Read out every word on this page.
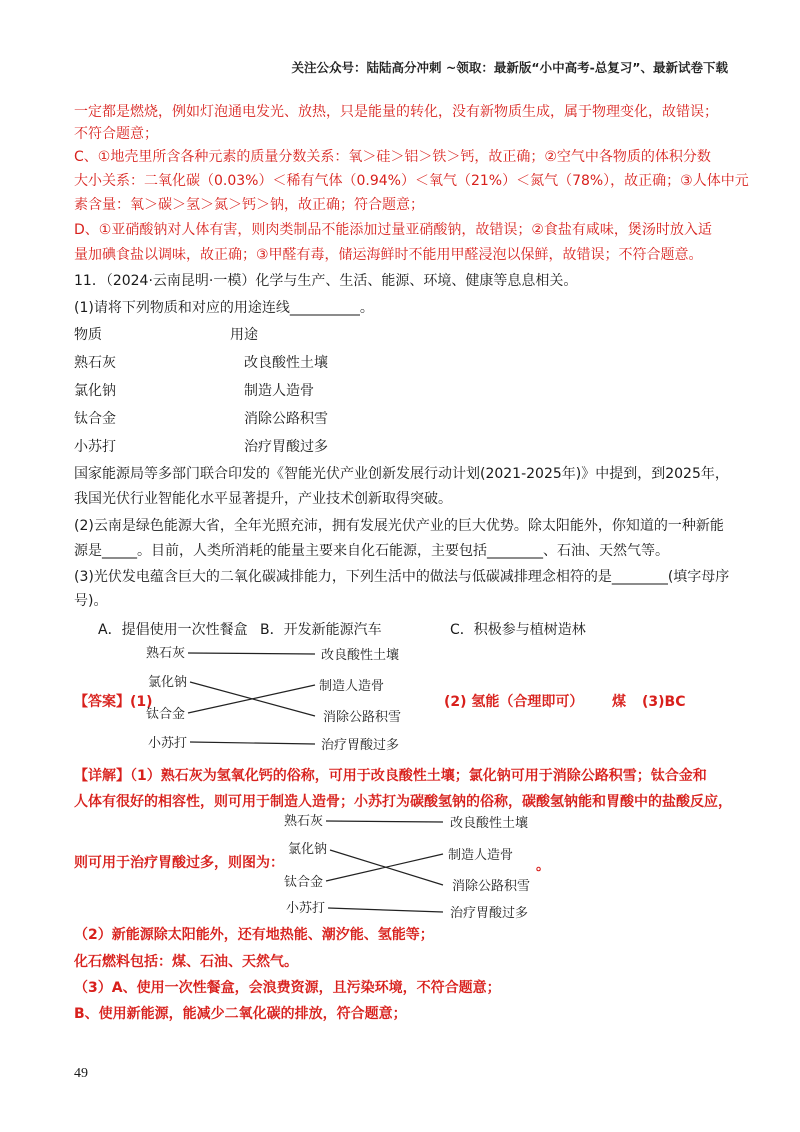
关注公众号：陆陆高分冲刺 ~领取：最新版“小中高考-总复习”、最新试卷下载
一定都是燃烧，例如灯泡通电发光、放热，只是能量的转化，没有新物质生成，属于物理变化，故错误；
不符合题意；
C、①地壳里所含各种元素的质量分数关系：氧＞硅＞铝＞铁＞钙，故正确；②空气中各物质的体积分数
大小关系：二氧化碳（0.03%）＜稀有气体（0.94%）＜氧气（21%）＜氮气（78%），故正确；③人体中元
素含量：氧＞碳＞氢＞氮＞钙＞钠，故正确；符合题意；
D、①亚硝酸钠对人体有害，则肉类制品不能添加过量亚硝酸钠，故错误；②食盐有咸味，煲汤时放入适
量加碘食盐以调味，故正确；③甲醛有毒，储运海鲜时不能用甲醛浸泡以保鲜，故错误；不符合题意。
11．（2024·云南昆明·一模）化学与生产、生活、能源、环境、健康等息息相关。
(1)请将下列物质和对应的用途连线__________。
物质	用途
熟石灰	改良酸性土壤
氯化钠	制造人造骨
钛合金	消除公路积雪
小苏打	治疗胃酸过多
国家能源局等多部门联合印发的《智能光伏产业创新发展行动计划(2021-2025年)》中提到，到2025年，
我国光伏行业智能化水平显著提升，产业技术创新取得突破。
(2)云南是绿色能源大省，全年光照充沛，拥有发展光伏产业的巨大优势。除太阳能外，你知道的一种新能
源是_____。目前，人类所消耗的能量主要来自化石能源，主要包括________、石油、天然气等。
(3)光伏发电蕴含巨大的二氧化碳减排能力，下列生活中的做法与低碳减排理念相符的是________(填字母序
号)。
A．提倡使用一次性餐盒 B．开发新能源汽车	C．积极参与植树造林
【答案】(1)	(2) 氢能（合理即可） 煤 (3)BC
熟石灰
氯化钠
钛合金
小苏打
改良酸性土壤
制造人造骨
消除公路积雪
治疗胃酸过多
【详解】（1）熟石灰为氢氧化钙的俗称，可用于改良酸性土壤；氯化钠可用于消除公路积雪；钛合金和
人体有很好的相容性，则可用于制造人造骨；小苏打为碳酸氢钠的俗称，碳酸氢钠能和胃酸中的盐酸反应，
则可用于治疗胃酸过多，则图为：
熟石灰
氯化钠
钛合金
小苏打
改良酸性土壤
制造人造骨
消除公路积雪
治疗胃酸过多
。
（2）新能源除太阳能外，还有地热能、潮汐能、氢能等；
化石燃料包括：煤、石油、天然气。
（3）A、使用一次性餐盒，会浪费资源，且污染环境，不符合题意；
B、使用新能源，能减少二氧化碳的排放，符合题意；
49
